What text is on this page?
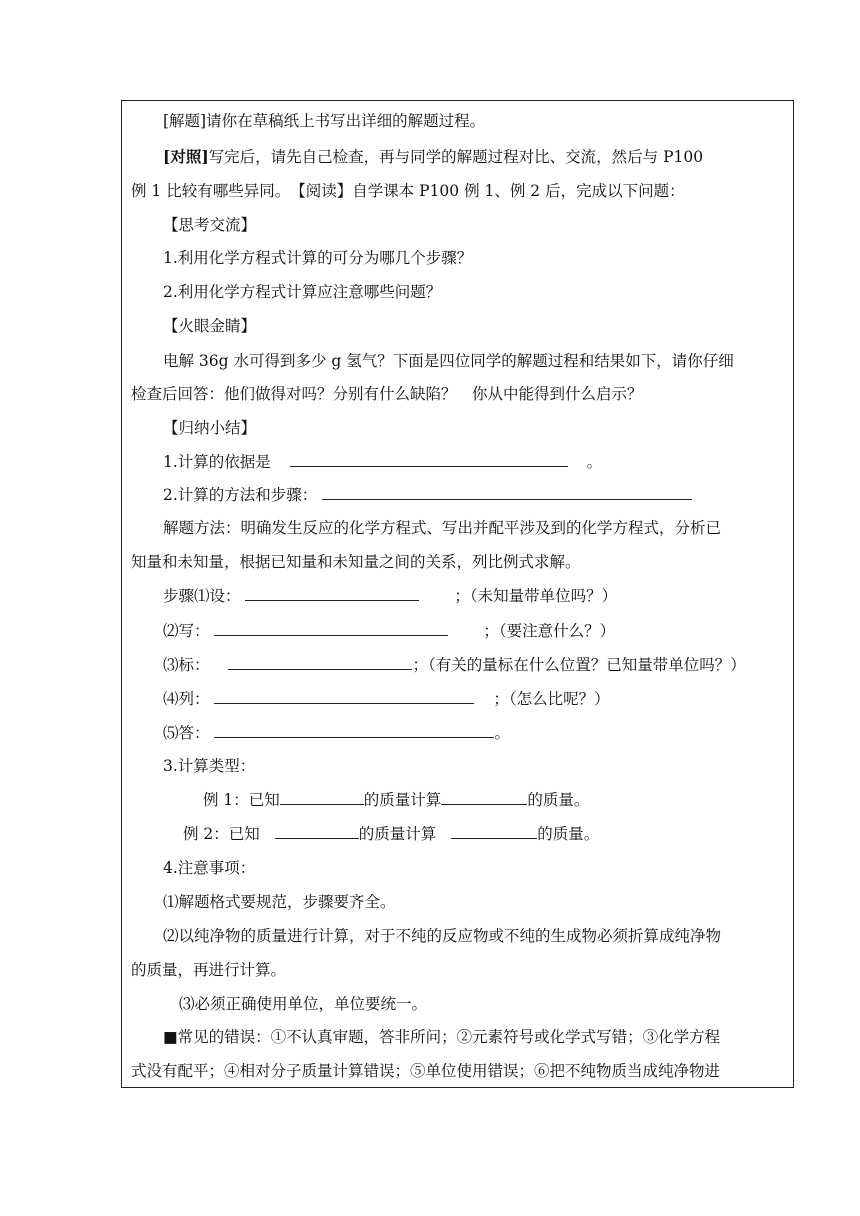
[解题]请你在草稿纸上书写出详细的解题过程。
[对照]写完后，请先自己检查，再与同学的解题过程对比、交流，然后与 P100
例 1 比较有哪些异同。　【阅读】自学课本 P100 例 1、例 2 后，完成以下问题：
【思考交流】
1.利用化学方程式计算的可分为哪几个步骤？
2.利用化学方程式计算应注意哪些问题？
【火眼金睛】
电解 36g 水可得到多少 g 氢气？下面是四位同学的解题过程和结果如下，请你仔细
检查后回答：他们做得对吗？分别有什么缺陷？　你从中能得到什么启示？
【归纳小结】
1.计算的依据是	。
2.计算的方法和步骤：
解题方法：明确发生反应的化学方程式、写出并配平涉及到的化学方程式，分析已
知量和未知量，根据已知量和未知量之间的关系，列比例式求解。
步骤⑴设：	；（未知量带单位吗？）
⑵写：	；（要注意什么？）
⑶标：	；（有关的量标在什么位置？已知量带单位吗？）
⑷列：	；（怎么比呢？）
⑸答：	。
3.计算类型：
例 1：已知	的质量计算	的质量。
例 2：已知	的质量计算	的质量。
4.注意事项：
⑴解题格式要规范，步骤要齐全。
⑵以纯净物的质量进行计算，对于不纯的反应物或不纯的生成物必须折算成纯净物
的质量，再进行计算。
⑶必须正确使用单位，单位要统一。
■常见的错误：①不认真审题，答非所问；②元素符号或化学式写错；③化学方程
式没有配平；④相对分子质量计算错误；⑤单位使用错误；⑥把不纯物质当成纯净物进
